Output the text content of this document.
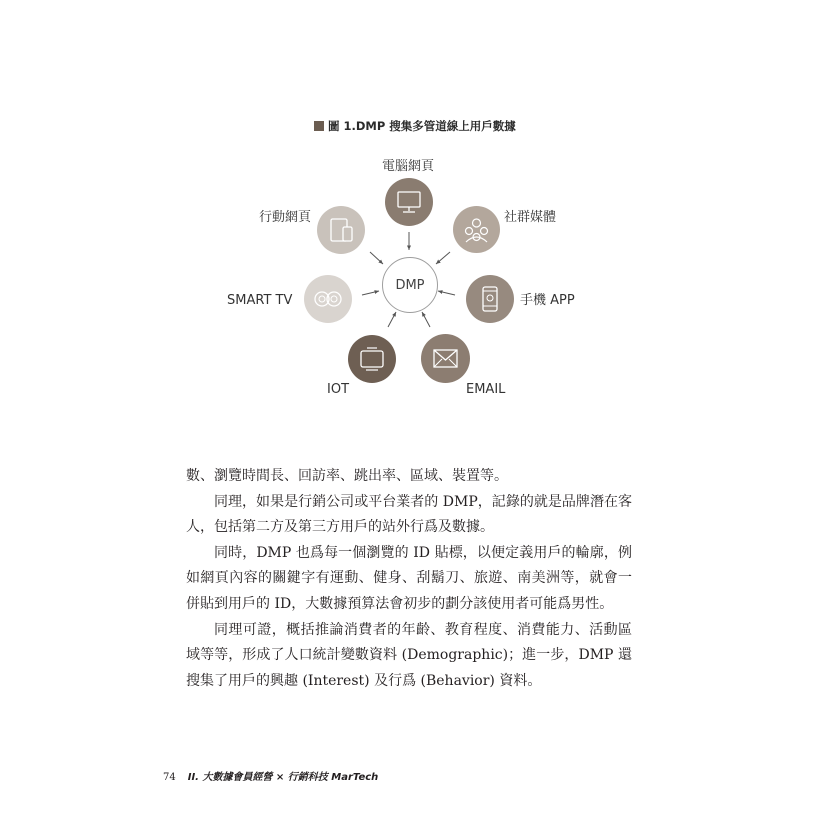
圖 1.DMP 搜集多管道線上用戶數據
DMP
電腦網頁
社群媒體
手機 APP
EMAIL
IOT
SMART TV
行動網頁

數、瀏覽時間長、回訪率、跳出率、區域、裝置等。

同理，如果是行銷公司或平台業者的 DMP，記錄的就是品牌潛在客人，包括第二方及第三方用戶的站外行爲及數據。

同時，DMP 也爲每一個瀏覽的 ID 貼標，以便定義用戶的輪廓，例如網頁內容的關鍵字有運動、健身、刮鬍刀、旅遊、南美洲等，就會一併貼到用戶的 ID，大數據預算法會初步的劃分該使用者可能爲男性。

同理可證，概括推論消費者的年齡、教育程度、消費能力、活動區域等等，形成了人口統計變數資料 (Demographic)；進一步，DMP 還搜集了用戶的興趣 (Interest) 及行爲 (Behavior) 資料。

74 II. 大數據會員經營 × 行銷科技 MarTech
